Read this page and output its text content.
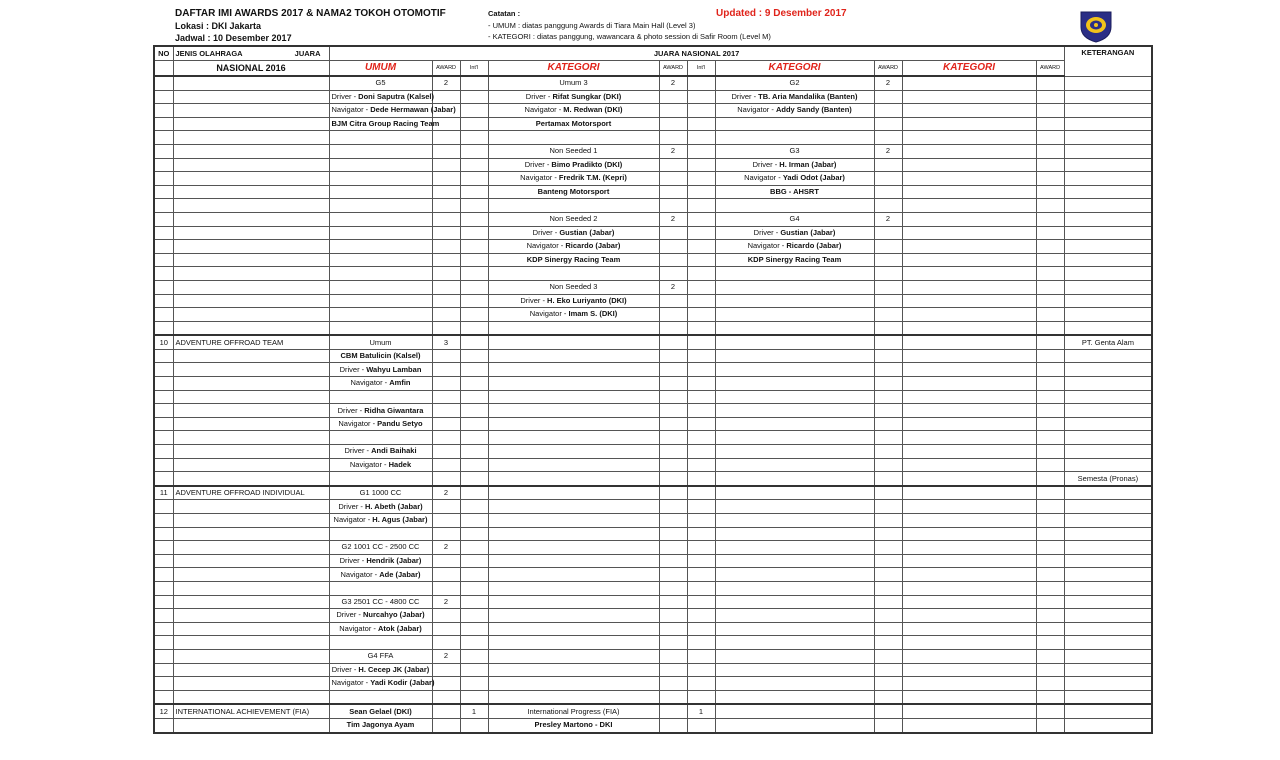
DAFTAR IMI AWARDS 2017 & NAMA2 TOKOH OTOMOTIF
Lokasi : DKI Jakarta
Jadwal : 10 Desember 2017
Catatan :
- UMUM : diatas panggung Awards di Tiara Main Hall (Level 3)
- KATEGORI : diatas panggung, wawancara & photo session di Safir Room (Level M)
Updated : 9 Desember 2017
NO	JENIS OLAHRAGA JUARA	JUARA NASIONAL 2017										KETERANGAN
	NASIONAL 2016	UMUM	AWARD	Int'l	KATEGORI	AWARD	Int'l	KATEGORI	AWARD	KATEGORI	AWARD	
		G5	2		Umum 3	2		G2	2			
		Driver - Doni Saputra (Kalsel)			Driver - Rifat Sungkar (DKI)			Driver - TB. Aria Mandalika (Banten)				
		Navigator - Dede Hermawan (Jabar)			Navigator - M. Redwan (DKI)			Navigator - Addy Sandy (Banten)				
		BJM Citra Group Racing Team			Pertamax Motorsport							

					Non Seeded 1	2		G3	2			
					Driver - Bimo Pradikto (DKI)			Driver - H. Irman (Jabar)				
					Navigator - Fredrik T.M. (Kepri)			Navigator - Yadi Odot (Jabar)				
					Banteng Motorsport			BBG - AHSRT				

					Non Seeded 2	2		G4	2			
					Driver - Gustian (Jabar)			Driver - Gustian (Jabar)				
					Navigator - Ricardo (Jabar)			Navigator - Ricardo (Jabar)				
					KDP Sinergy Racing Team			KDP Sinergy Racing Team				

					Non Seeded 3	2						
					Driver - H. Eko Luriyanto (DKI)							
					Navigator - Imam S. (DKI)							

10	ADVENTURE OFFROAD TEAM	Umum	3									PT. Genta Alam
		CBM Batulicin (Kalsel)										
		Driver - Wahyu Lamban										
		Navigator - Amfin										

		Driver - Ridha Giwantara										
		Navigator - Pandu Setyo										

		Driver - Andi Baihaki										
		Navigator - Hadek										
												Semesta (Pronas)
11	ADVENTURE OFFROAD INDIVIDUAL	G1 1000 CC	2									
		Driver - H. Abeth (Jabar)										
		Navigator - H. Agus (Jabar)										

		G2 1001 CC - 2500 CC	2									
		Driver - Hendrik (Jabar)										
		Navigator - Ade (Jabar)										

		G3 2501 CC - 4800 CC	2									
		Driver - Nurcahyo (Jabar)										
		Navigator - Atok (Jabar)										

		G4 FFA	2									
		Driver - H. Cecep JK (Jabar)										
		Navigator - Yadi Kodir (Jabar)										

12	INTERNATIONAL ACHIEVEMENT (FIA)	Sean Gelael (DKI)		1	International Progress (FIA)		1					
		Tim Jagonya Ayam			Presley Martono - DKI							
